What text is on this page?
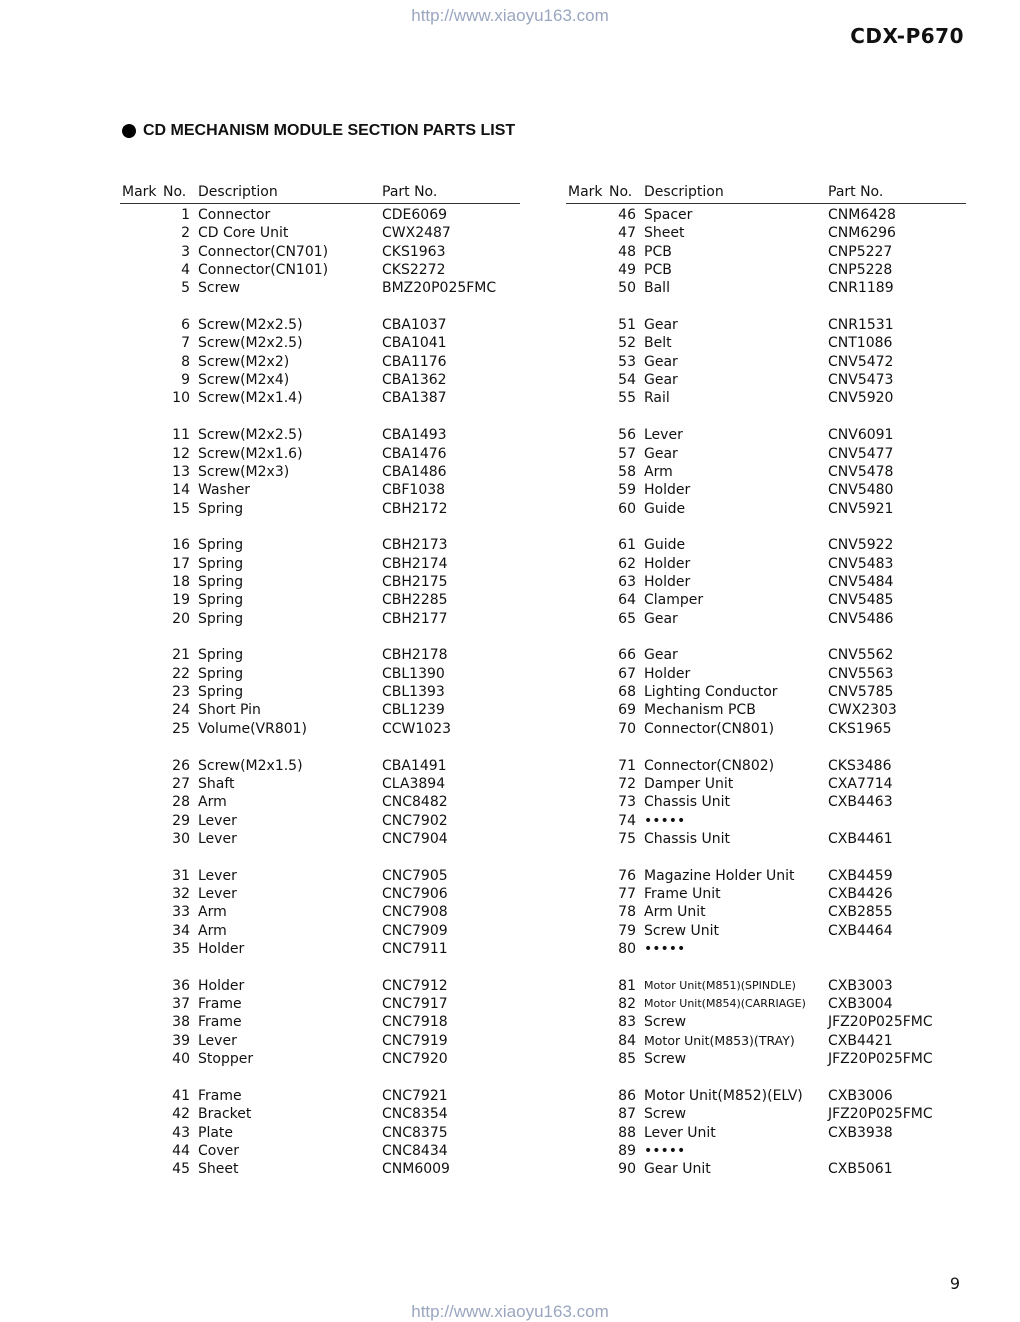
http://www.xiaoyu163.com
CDX-P670
CD MECHANISM MODULE SECTION PARTS LIST
Mark No. Description	Part No.
1 Connector	CDE6069
2 CD Core Unit	CWX2487
3 Connector(CN701)	CKS1963
4 Connector(CN101)	CKS2272
5 Screw	BMZ20P025FMC
6 Screw(M2x2.5)	CBA1037
7 Screw(M2x2.5)	CBA1041
8 Screw(M2x2)	CBA1176
9 Screw(M2x4)	CBA1362
10 Screw(M2x1.4)	CBA1387
11 Screw(M2x2.5)	CBA1493
12 Screw(M2x1.6)	CBA1476
13 Screw(M2x3)	CBA1486
14 Washer	CBF1038
15 Spring	CBH2172
16 Spring	CBH2173
17 Spring	CBH2174
18 Spring	CBH2175
19 Spring	CBH2285
20 Spring	CBH2177
21 Spring	CBH2178
22 Spring	CBL1390
23 Spring	CBL1393
24 Short Pin	CBL1239
25 Volume(VR801)	CCW1023
26 Screw(M2x1.5)	CBA1491
27 Shaft	CLA3894
28 Arm	CNC8482
29 Lever	CNC7902
30 Lever	CNC7904
31 Lever	CNC7905
32 Lever	CNC7906
33 Arm	CNC7908
34 Arm	CNC7909
35 Holder	CNC7911
36 Holder	CNC7912
37 Frame	CNC7917
38 Frame	CNC7918
39 Lever	CNC7919
40 Stopper	CNC7920
41 Frame	CNC7921
42 Bracket	CNC8354
43 Plate	CNC8375
44 Cover	CNC8434
45 Sheet	CNM6009
Mark No. Description	Part No.
46 Spacer	CNM6428
47 Sheet	CNM6296
48 PCB	CNP5227
49 PCB	CNP5228
50 Ball	CNR1189
51 Gear	CNR1531
52 Belt	CNT1086
53 Gear	CNV5472
54 Gear	CNV5473
55 Rail	CNV5920
56 Lever	CNV6091
57 Gear	CNV5477
58 Arm	CNV5478
59 Holder	CNV5480
60 Guide	CNV5921
61 Guide	CNV5922
62 Holder	CNV5483
63 Holder	CNV5484
64 Clamper	CNV5485
65 Gear	CNV5486
66 Gear	CNV5562
67 Holder	CNV5563
68 Lighting Conductor	CNV5785
69 Mechanism PCB	CWX2303
70 Connector(CN801)	CKS1965
71 Connector(CN802)	CKS3486
72 Damper Unit	CXA7714
73 Chassis Unit	CXB4463
74 •••••
75 Chassis Unit	CXB4461
76 Magazine Holder Unit CXB4459
77 Frame Unit	CXB4426
78 Arm Unit	CXB2855
79 Screw Unit	CXB4464
80 •••••
81 Motor Unit(M851)(SPINDLE) CXB3003
82 Motor Unit(M854)(CARRIAGE) CXB3004
83 Screw	JFZ20P025FMC
84 Motor Unit(M853)(TRAY) CXB4421
85 Screw	JFZ20P025FMC
86 Motor Unit(M852)(ELV) CXB3006
87 Screw	JFZ20P025FMC
88 Lever Unit	CXB3938
89 •••••
90 Gear Unit	CXB5061
9
http://www.xiaoyu163.com
